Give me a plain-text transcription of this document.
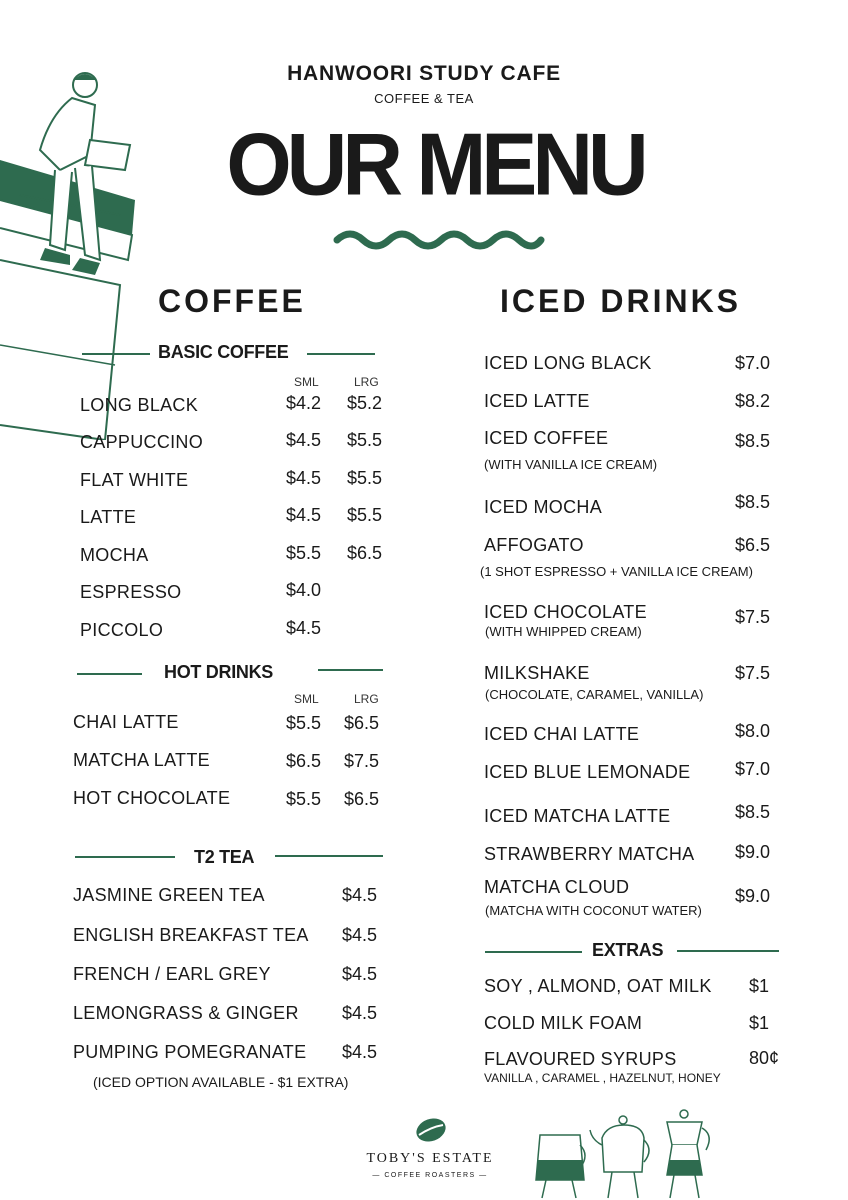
HANWOORI STUDY CAFE
COFFEE & TEA
OUR MENU
COFFEE	ICED DRINKS
BASIC COFFEE
SML	LRG
LONG BLACK	$4.2 $5.2
CAPPUCCINO	$4.5 $5.5
FLAT WHITE	$4.5 $5.5
LATTE	$4.5 $5.5
MOCHA	$5.5 $6.5
ESPRESSO	$4.0
PICCOLO	$4.5
HOT DRINKS
SML	LRG
CHAI LATTE	$5.5 $6.5
MATCHA LATTE	$6.5 $7.5
HOT CHOCOLATE	$5.5 $6.5
T2 TEA
JASMINE GREEN TEA	$4.5
ENGLISH BREAKFAST TEA $4.5
FRENCH / EARL GREY	$4.5
LEMONGRASS & GINGER $4.5
PUMPING POMEGRANATE $4.5
(ICED OPTION AVAILABLE - $1 EXTRA)
ICED LONG BLACK	$7.0
ICED LATTE	$8.2
ICED COFFEE	$8.5
(WITH VANILLA ICE CREAM)
ICED MOCHA	$8.5
AFFOGATO	$6.5
(1 SHOT ESPRESSO + VANILLA ICE CREAM)
ICED CHOCOLATE	$7.5
(WITH WHIPPED CREAM)
MILKSHAKE	$7.5
(CHOCOLATE, CARAMEL, VANILLA)
ICED CHAI LATTE	$8.0
ICED BLUE LEMONADE $7.0
ICED MATCHA LATTE	$8.5
STRAWBERRY MATCHA $9.0
MATCHA CLOUD	$9.0
(MATCHA WITH COCONUT WATER)
EXTRAS
SOY , ALMOND, OAT MILK $1
COLD MILK FOAM	$1
FLAVOURED SYRUPS	80¢
VANILLA , CARAMEL , HAZELNUT, HONEY
TOBY'S ESTATE
— COFFEE ROASTERS —
